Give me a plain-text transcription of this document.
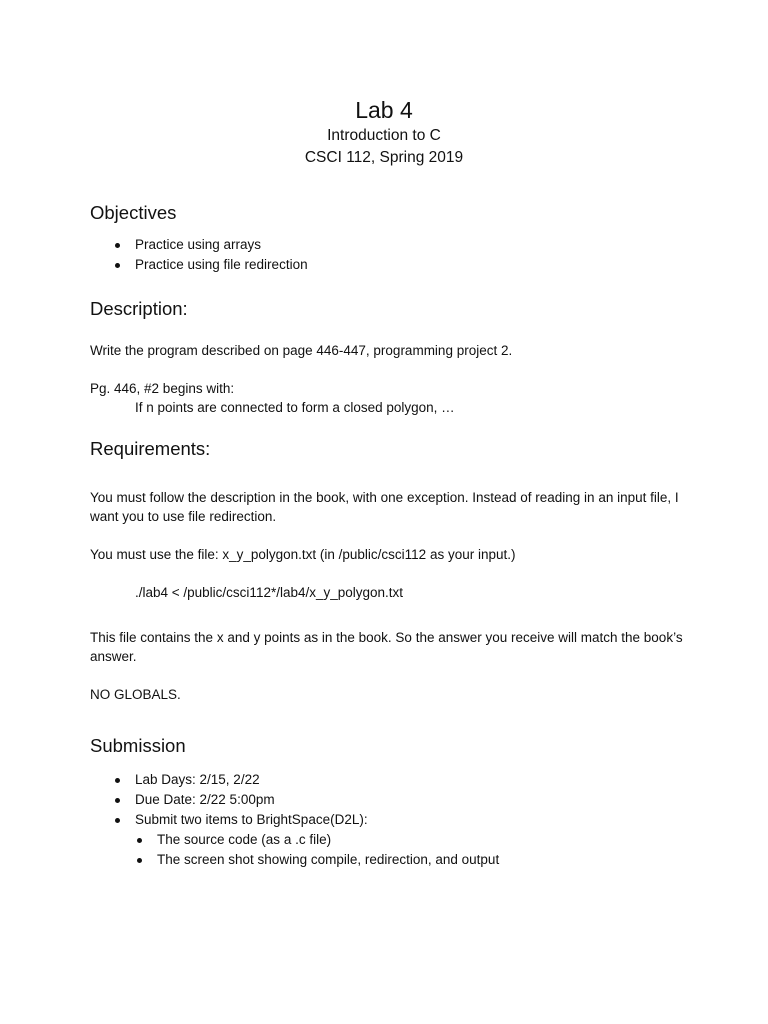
Lab 4

Introduction to C

CSCI 112, Spring 2019

Objectives
Practice using arrays
Practice using file redirection
Description:

Write the program described on page 446-447, programming project 2.

Pg. 446, #2 begins with:

If n points are connected to form a closed polygon, …

Requirements:

You must follow the description in the book, with one exception. Instead of reading in an input file, I want you to use file redirection.

You must use the file: x_y_polygon.txt (in /public/csci112 as your input.)

./lab4 < /public/csci112*/lab4/x_y_polygon.txt

This file contains the x and y points as in the book. So the answer you receive will match the book’s answer.

NO GLOBALS.

Submission
Lab Days: 2/15, 2/22
Due Date: 2/22 5:00pm
Submit two items to BrightSpace(D2L):
The source code (as a .c file)
The screen shot showing compile, redirection, and output
